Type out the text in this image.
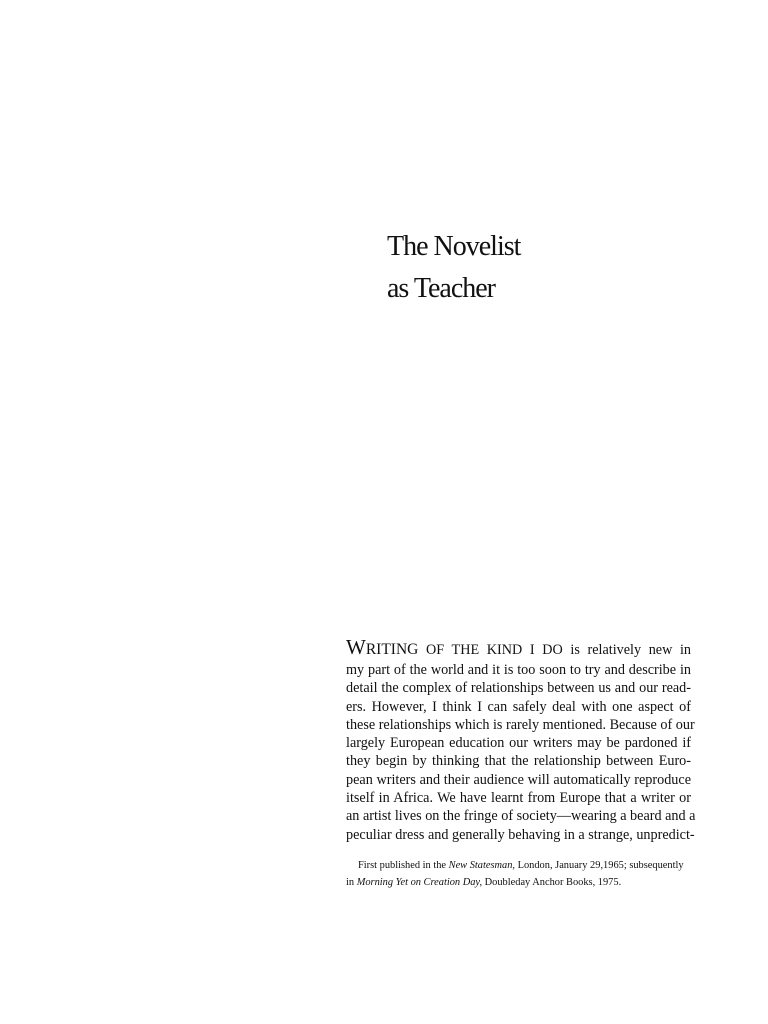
The Novelist
as Teacher
WRITING OF THE KIND I DO is relatively new in
my part of the world and it is too soon to try and describe in
detail the complex of relationships between us and our read-
ers. However, I think I can safely deal with one aspect of
these relationships which is rarely mentioned. Because of our
largely European education our writers may be pardoned if
they begin by thinking that the relationship between Euro-
pean writers and their audience will automatically reproduce
itself in Africa. We have learnt from Europe that a writer or
an artist lives on the fringe of society—wearing a beard and a
peculiar dress and generally behaving in a strange, unpredict-
First published in the New Statesman, London, January 29,1965; subsequently
in Morning Yet on Creation Day, Doubleday Anchor Books, 1975.
